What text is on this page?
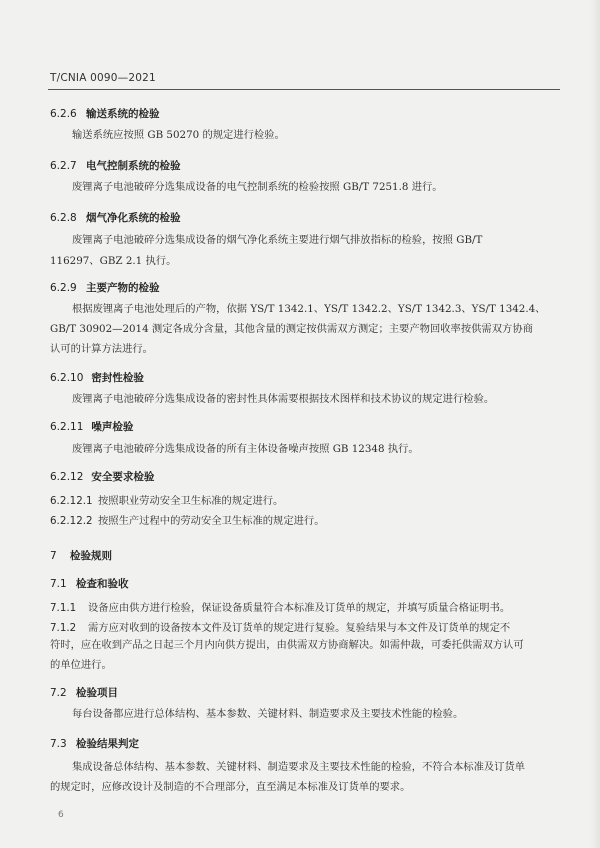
T/CNIA 0090—2021
6.2.6 输送系统的检验
输送系统应按照 GB 50270 的规定进行检验。
6.2.7 电气控制系统的检验
废锂离子电池破碎分选集成设备的电气控制系统的检验按照 GB/T 7251.8 进行。
6.2.8 烟气净化系统的检验
废锂离子电池破碎分选集成设备的烟气净化系统主要进行烟气排放指标的检验，按照 GB/T
116297、GBZ 2.1 执行。
6.2.9 主要产物的检验
根据废锂离子电池处理后的产物，依据 YS/T 1342.1、YS/T 1342.2、YS/T 1342.3、YS/T 1342.4、
GB/T 30902—2014 测定各成分含量，其他含量的测定按供需双方测定；主要产物回收率按供需双方协商
认可的计算方法进行。
6.2.10 密封性检验
废锂离子电池破碎分选集成设备的密封性具体需要根据技术图样和技术协议的规定进行检验。
6.2.11 噪声检验
废锂离子电池破碎分选集成设备的所有主体设备噪声按照 GB 12348 执行。
6.2.12 安全要求检验
6.2.12.1 按照职业劳动安全卫生标准的规定进行。
6.2.12.2 按照生产过程中的劳动安全卫生标准的规定进行。
7 检验规则
7.1 检查和验收
7.1.1 设备应由供方进行检验，保证设备质量符合本标准及订货单的规定，并填写质量合格证明书。
7.1.2 需方应对收到的设备按本文件及订货单的规定进行复验。复验结果与本文件及订货单的规定不
符时，应在收到产品之日起三个月内向供方提出，由供需双方协商解决。如需仲裁，可委托供需双方认可
的单位进行。
7.2 检验项目
每台设备都应进行总体结构、基本参数、关键材料、制造要求及主要技术性能的检验。
7.3 检验结果判定
集成设备总体结构、基本参数、关键材料、制造要求及主要技术性能的检验，不符合本标准及订货单
的规定时，应修改设计及制造的不合理部分，直至满足本标准及订货单的要求。
6
